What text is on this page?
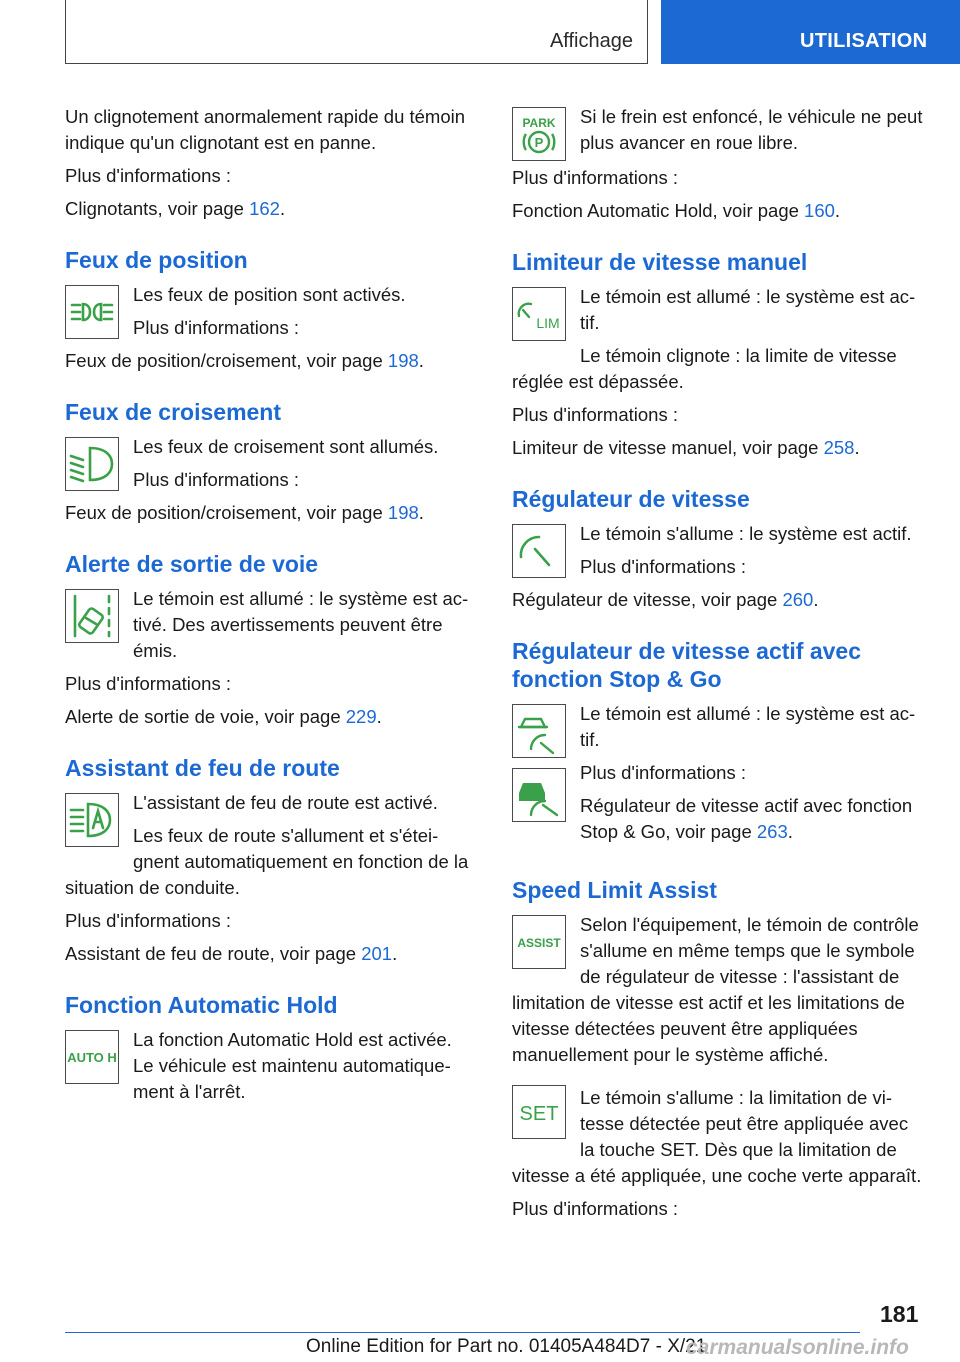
Affichage	UTILISATION

Un clignotement anormalement rapide du témoin indique qu'un clignotant est en panne.

Plus d'informations :

Clignotants, voir page 162.

Feux de position

Les feux de position sont activés.

Plus d'informations :

Feux de position/croisement, voir page 198.

Feux de croisement

Les feux de croisement sont allumés.

Plus d'informations :

Feux de position/croisement, voir page 198.

Alerte de sortie de voie

Le témoin est allumé : le système est activé. Des avertissements peuvent être émis.

Plus d'informations :

Alerte de sortie de voie, voir page 229.

Assistant de feu de route

L'assistant de feu de route est activé.

Les feux de route s'allument et s'éteignent automatiquement en fonction de la situation de conduite.

Plus d'informations :

Assistant de feu de route, voir page 201.

Fonction Automatic Hold
AUTO H

La fonction Automatic Hold est activée. Le véhicule est maintenu automatiquement à l'arrêt.

PARK
P

Si le frein est enfoncé, le véhicule ne peut plus avancer en roue libre.

Plus d'informations :

Fonction Automatic Hold, voir page 160.

Limiteur de vitesse manuel
LIM

Le témoin est allumé : le système est actif.

Le témoin clignote : la limite de vitesse réglée est dépassée.

Plus d'informations :

Limiteur de vitesse manuel, voir page 258.

Régulateur de vitesse

Le témoin s'allume : le système est actif.

Plus d'informations :

Régulateur de vitesse, voir page 260.

Régulateur de vitesse actif avec fonction Stop & Go

Le témoin est allumé : le système est actif.

Plus d'informations :

Régulateur de vitesse actif avec fonction Stop & Go, voir page 263.

Speed Limit Assist
ASSIST

Selon l'équipement, le témoin de contrôle s'allume en même temps que le symbole de régulateur de vitesse : l'assistant de limitation de vitesse est actif et les limitations de vitesse détectées peuvent être appliquées manuellement pour le système affiché.

SET

Le témoin s'allume : la limitation de vitesse détectée peut être appliquée avec la touche SET. Dès que la limitation de vitesse a été appliquée, une coche verte apparaît.

Plus d'informations :

181
Online Edition for Part no. 01405A484D7 - X/21
carmanualsonline.info
